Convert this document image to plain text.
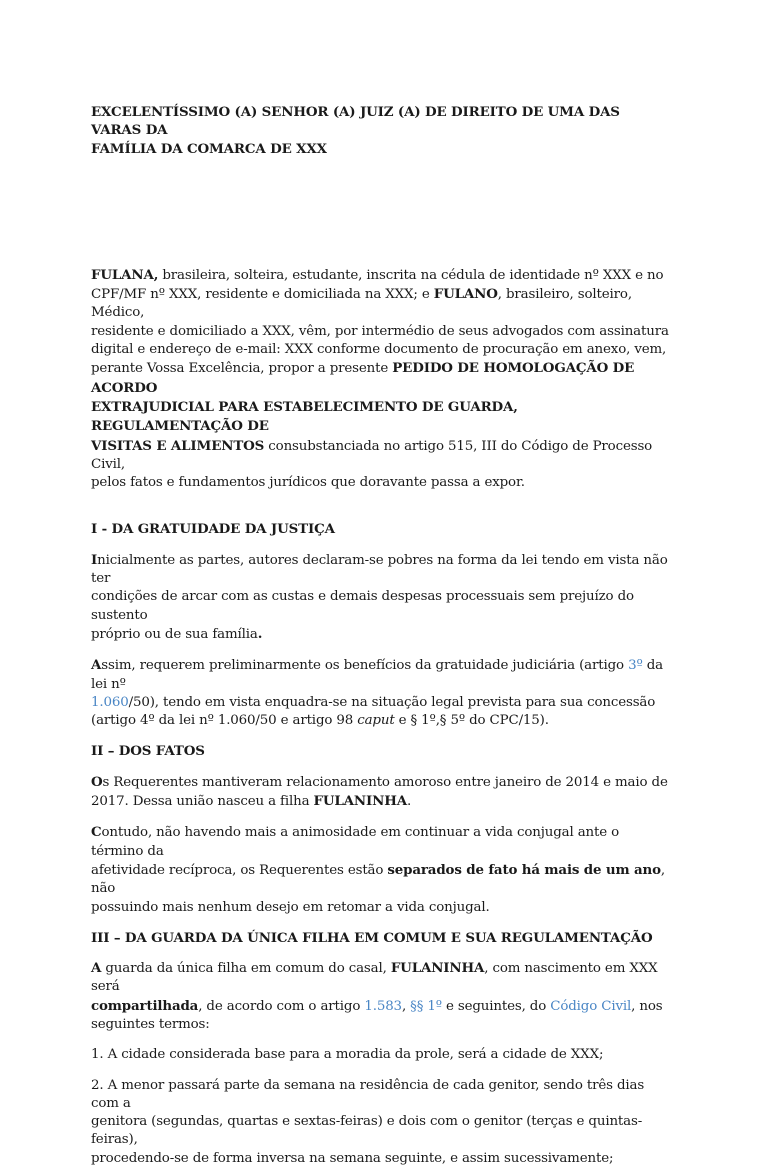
EXCELENTÍSSIMO (A) SENHOR (A) JUIZ (A) DE DIREITO DE UMA DAS VARAS DA
FAMÍLIA DA COMARCA DE XXX

FULANA, brasileira, solteira, estudante, inscrita na cédula de identidade nº XXX e no
CPF/MF nº XXX, residente e domiciliada na XXX; e FULANO, brasileiro, solteiro, Médico,
residente e domiciliado a XXX, vêm, por intermédio de seus advogados com assinatura
digital e endereço de e-mail: XXX conforme documento de procuração em anexo, vem,
perante Vossa Excelência, propor a presente PEDIDO DE HOMOLOGAÇÃO DE ACORDO
EXTRAJUDICIAL PARA ESTABELECIMENTO DE GUARDA, REGULAMENTAÇÃO DE
VISITAS E ALIMENTOS consubstanciada no artigo 515, III do Código de Processo Civil,
pelos fatos e fundamentos jurídicos que doravante passa a expor.

I - DA GRATUIDADE DA JUSTIÇA

Inicialmente as partes, autores declaram-se pobres na forma da lei tendo em vista não ter
condições de arcar com as custas e demais despesas processuais sem prejuízo do sustento
próprio ou de sua família.

Assim, requerem preliminarmente os benefícios da gratuidade judiciária (artigo 3º da lei nº
1.060/50), tendo em vista enquadra-se na situação legal prevista para sua concessão
(artigo 4º da lei nº 1.060/50 e artigo 98 caput e § 1º,§ 5º do CPC/15).

II – DOS FATOS

Os Requerentes mantiveram relacionamento amoroso entre janeiro de 2014 e maio de
2017. Dessa união nasceu a filha FULANINHA.

Contudo, não havendo mais a animosidade em continuar a vida conjugal ante o término da
afetividade recíproca, os Requerentes estão separados de fato há mais de um ano, não
possuindo mais nenhum desejo em retomar a vida conjugal.

III – DA GUARDA DA ÚNICA FILHA EM COMUM E SUA REGULAMENTAÇÃO

A guarda da única filha em comum do casal, FULANINHA, com nascimento em XXX será
compartilhada, de acordo com o artigo 1.583, §§ 1º e seguintes, do Código Civil, nos
seguintes termos:

1. A cidade considerada base para a moradia da prole, será a cidade de XXX;

2. A menor passará parte da semana na residência de cada genitor, sendo três dias com a
genitora (segundas, quartas e sextas-feiras) e dois com o genitor (terças e quintas-feiras),
procedendo-se de forma inversa na semana seguinte, e assim sucessivamente;
